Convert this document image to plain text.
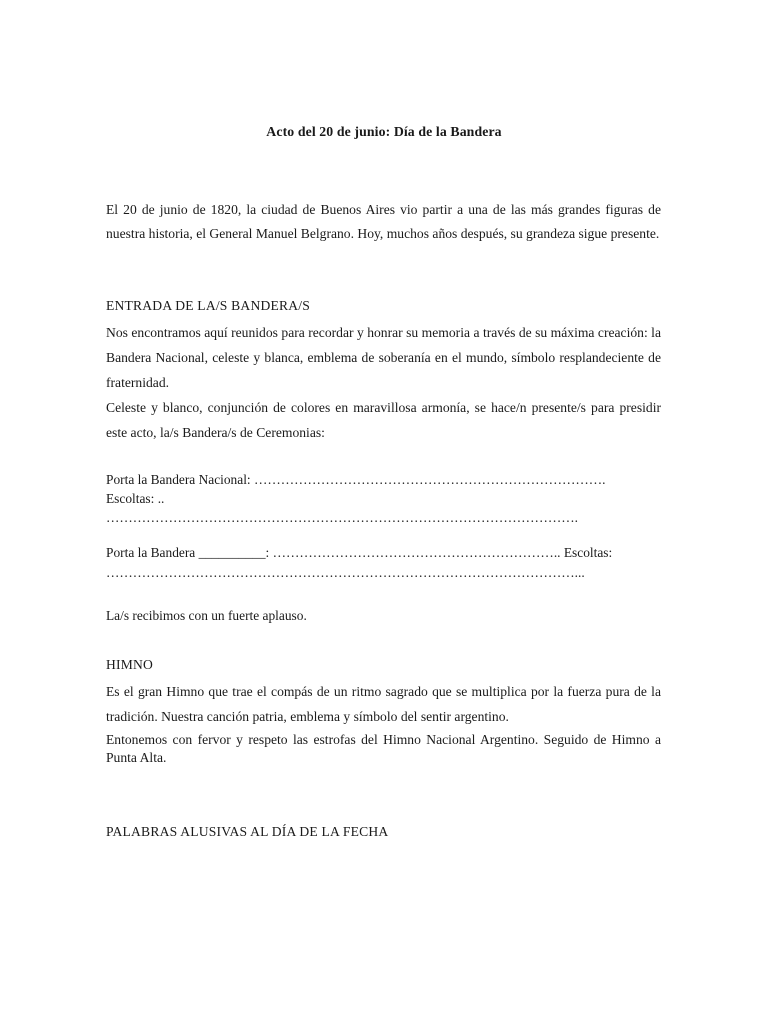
Acto del 20 de junio: Día de la Bandera

El 20 de junio de 1820, la ciudad de Buenos Aires vio partir a una de las más grandes figuras de nuestra historia, el General Manuel Belgrano. Hoy, muchos años después, su grandeza sigue presente.

ENTRADA DE LA/S BANDERA/S

Nos encontramos aquí reunidos para recordar y honrar su memoria a través de su máxima creación: la Bandera Nacional, celeste y blanca, emblema de soberanía en el mundo, símbolo resplandeciente de fraternidad.

Celeste y blanco, conjunción de colores en maravillosa armonía, se hace/n presente/s para presidir este acto, la/s Bandera/s de Ceremonias:

Porta la Bandera Nacional: …………………………………………………………………….
Escoltas: ..
…………………………………………………………………………………………….
Porta la Bandera __________: ……………………………………………………….. Escoltas:
……………………………………………………………………………………………...
La/s recibimos con un fuerte aplauso.
HIMNO

Es el gran Himno que trae el compás de un ritmo sagrado que se multiplica por la fuerza pura de la tradición. Nuestra canción patria, emblema y símbolo del sentir argentino.

Entonemos con fervor y respeto las estrofas del Himno Nacional Argentino. Seguido de Himno a Punta Alta.

PALABRAS ALUSIVAS AL DÍA DE LA FECHA
